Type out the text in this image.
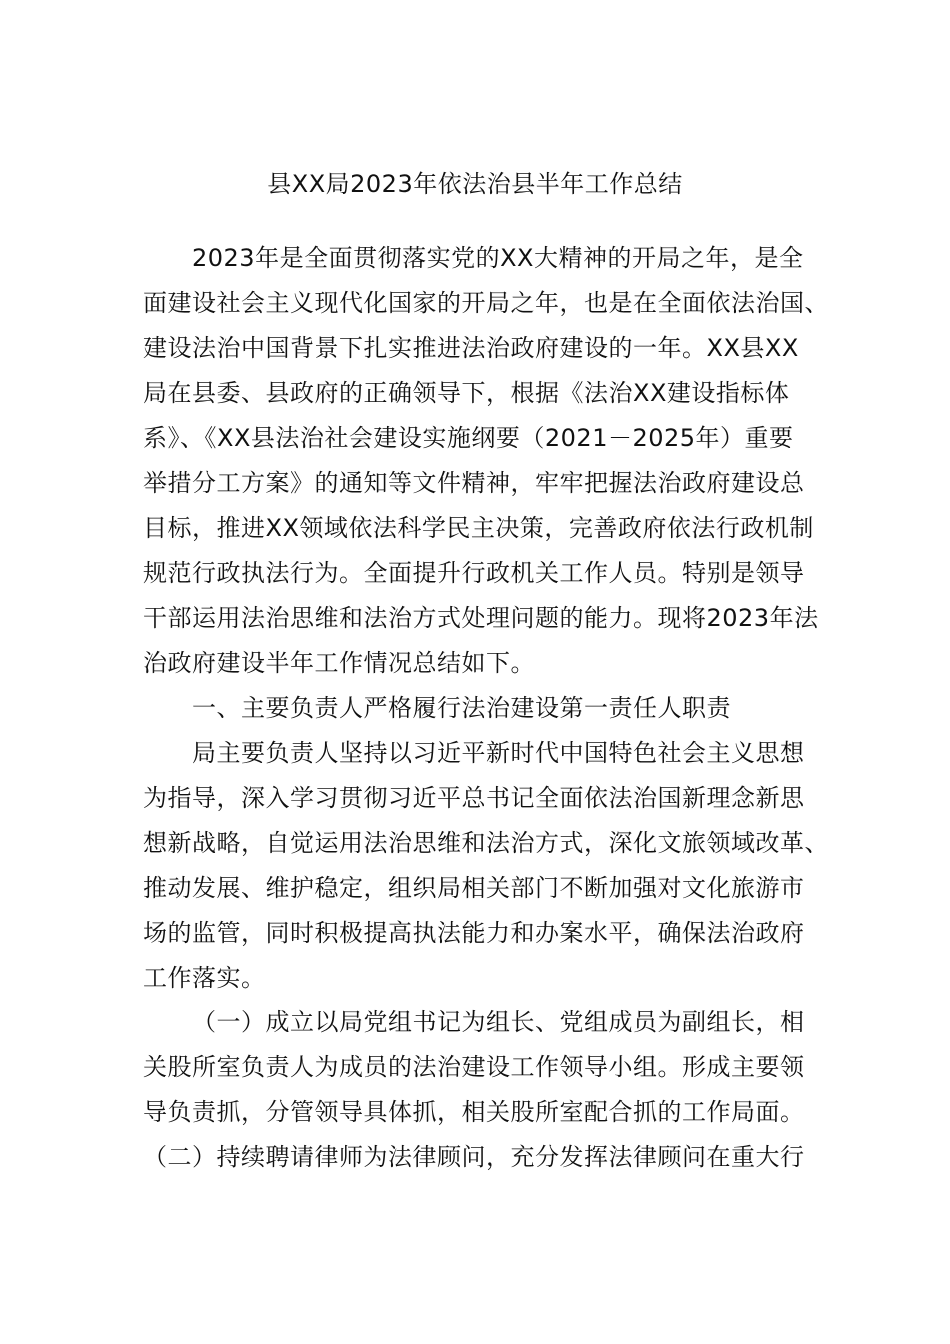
县XX局2023年依法治县半年工作总结
2023年是全面贯彻落实党的XX大精神的开局之年，是全
面建设社会主义现代化国家的开局之年，也是在全面依法治国、
建设法治中国背景下扎实推进法治政府建设的一年。XX县XX
局在县委、县政府的正确领导下，根据《法治XX建设指标体
系》、《XX县法治社会建设实施纲要（2021－2025年）重要
举措分工方案》的通知等文件精神，牢牢把握法治政府建设总
目标，推进XX领域依法科学民主决策，完善政府依法行政机制
规范行政执法行为。全面提升行政机关工作人员。特别是领导
干部运用法治思维和法治方式处理问题的能力。现将2023年法
治政府建设半年工作情况总结如下。
一、主要负责人严格履行法治建设第一责任人职责
局主要负责人坚持以习近平新时代中国特色社会主义思想
为指导，深入学习贯彻习近平总书记全面依法治国新理念新思
想新战略，自觉运用法治思维和法治方式，深化文旅领域改革、
推动发展、维护稳定，组织局相关部门不断加强对文化旅游市
场的监管，同时积极提高执法能力和办案水平，确保法治政府
工作落实。
（一）成立以局党组书记为组长、党组成员为副组长，相
关股所室负责人为成员的法治建设工作领导小组。形成主要领
导负责抓，分管领导具体抓，相关股所室配合抓的工作局面。
（二）持续聘请律师为法律顾问，充分发挥法律顾问在重大行
